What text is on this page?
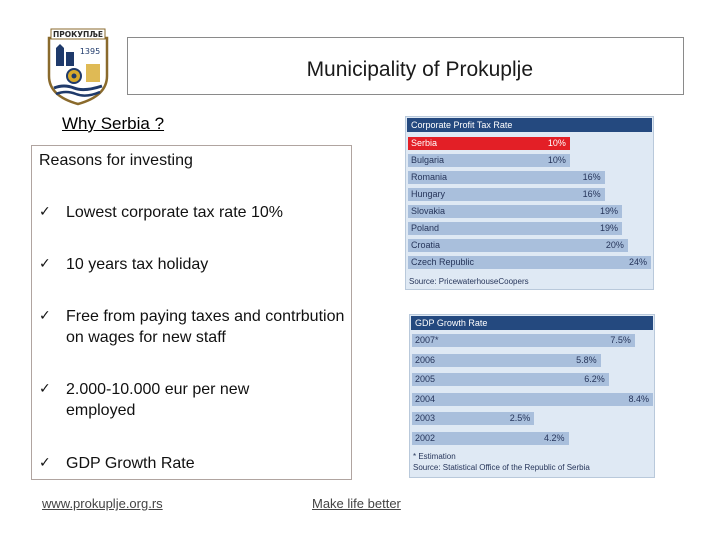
ПРОКУПЉЕ
1395
Municipality of Prokuplje
Why Serbia ?
Reasons for investing
✓ Lowest corporate tax rate 10%
✓ 10 years tax holiday
✓ Free from paying taxes and contrbution on wages for new staff
✓ 2.000-10.000 eur per new employed
✓ GDP Growth Rate
www.prokuplje.org.rs	Make life better
Corporate Profit Tax Rate
Source: PricewaterhouseCoopers
Serbia	10%
Bulgaria	10%
Romania	16%
Hungary	16%
Slovakia	19%
Poland	19%
Croatia	20%
Czech Republic	24%
GDP Growth Rate
* Estimation
Source: Statistical Office of the Republic of Serbia
2007*	7.5%
2006	5.8%
2005	6.2%
2004	8.4%
2003	2.5%
2002	4.2%
